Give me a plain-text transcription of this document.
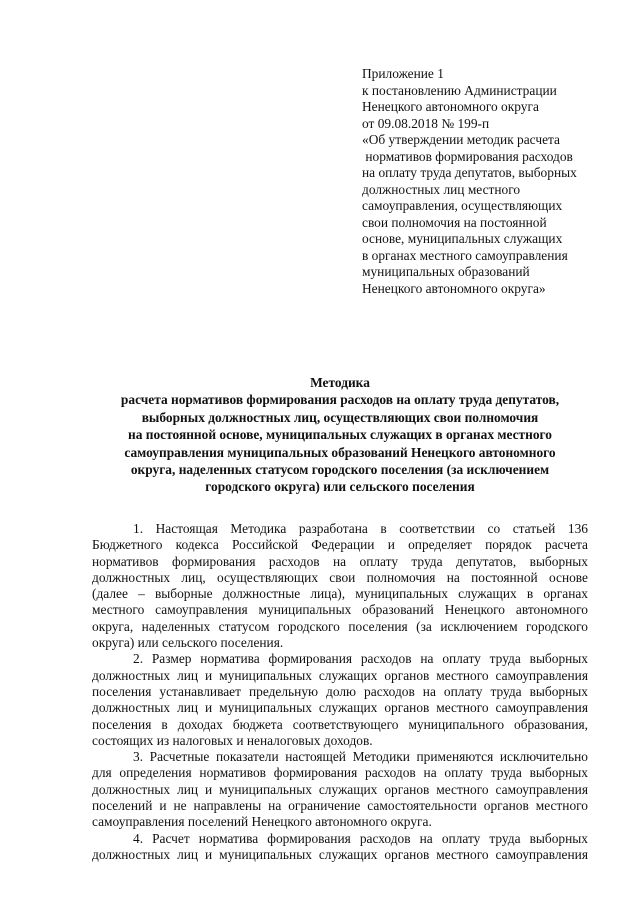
Приложение 1
к постановлению Администрации
Ненецкого автономного округа
от 09.08.2018 № 199-п
«Об утверждении методик расчета
нормативов формирования расходов
на оплату труда депутатов, выборных
должностных лиц местного
самоуправления, осуществляющих
свои полномочия на постоянной
основе, муниципальных служащих
в органах местного самоуправления
муниципальных образований
Ненецкого автономного округа»
Методика
расчета нормативов формирования расходов на оплату труда депутатов,
выборных должностных лиц, осуществляющих свои полномочия
на постоянной основе, муниципальных служащих в органах местного
самоуправления муниципальных образований Ненецкого автономного
округа, наделенных статусом городского поселения (за исключением
городского округа) или сельского поселения
1. Настоящая Методика разработана в соответствии со статьей 136
Бюджетного кодекса Российской Федерации и определяет порядок расчета
нормативов формирования расходов на оплату труда депутатов, выборных
должностных лиц, осуществляющих свои полномочия на постоянной основе
(далее – выборные должностные лица), муниципальных служащих в органах
местного самоуправления муниципальных образований Ненецкого автономного
округа, наделенных статусом городского поселения (за исключением городского
округа) или сельского поселения.
2. Размер норматива формирования расходов на оплату труда выборных
должностных лиц и муниципальных служащих органов местного самоуправления
поселения устанавливает предельную долю расходов на оплату труда выборных
должностных лиц и муниципальных служащих органов местного самоуправления
поселения в доходах бюджета соответствующего муниципального образования,
состоящих из налоговых и неналоговых доходов.
3. Расчетные показатели настоящей Методики применяются исключительно
для определения нормативов формирования расходов на оплату труда выборных
должностных лиц и муниципальных служащих органов местного самоуправления
поселений и не направлены на ограничение самостоятельности органов местного
самоуправления поселений Ненецкого автономного округа.
4. Расчет норматива формирования расходов на оплату труда выборных
должностных лиц и муниципальных служащих органов местного самоуправления
